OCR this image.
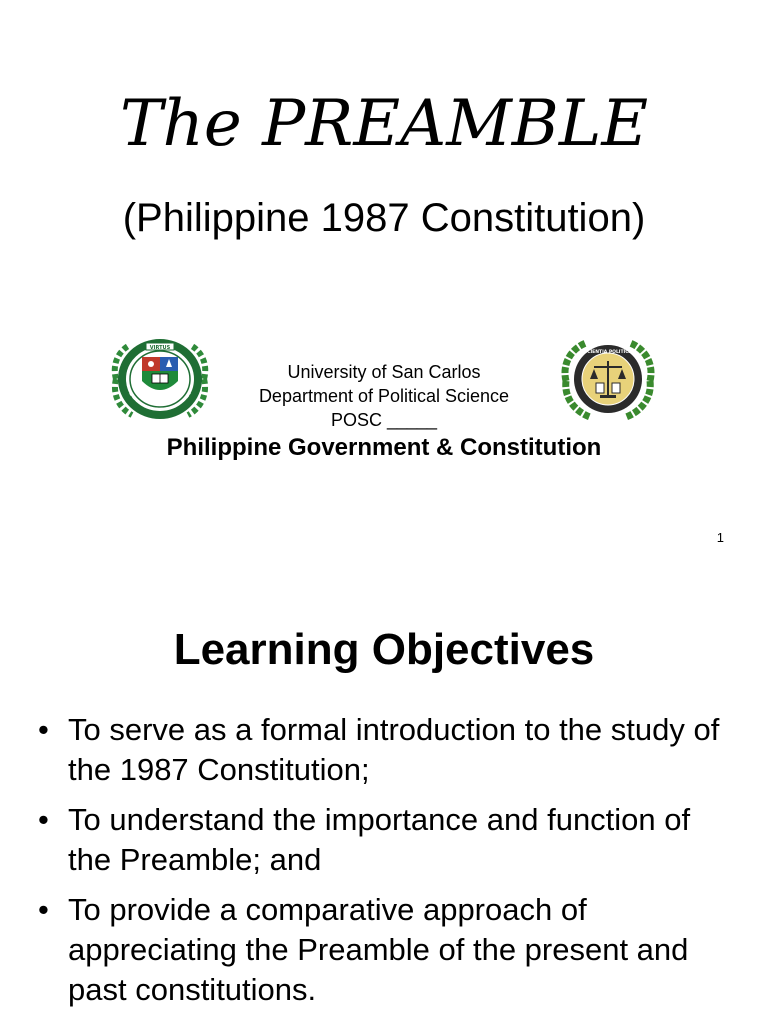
The PREAMBLE
(Philippine 1987 Constitution)
VIRTUS
SCIENTIA POLITICA
University of San Carlos
Department of Political Science
POSC _____
Philippine Government & Constitution
1
Learning Objectives
• To serve as a formal introduction to the study of the 1987 Constitution;
• To understand the importance and function of the Preamble; and
• To provide a comparative approach of appreciating the Preamble of the present and past constitutions.
